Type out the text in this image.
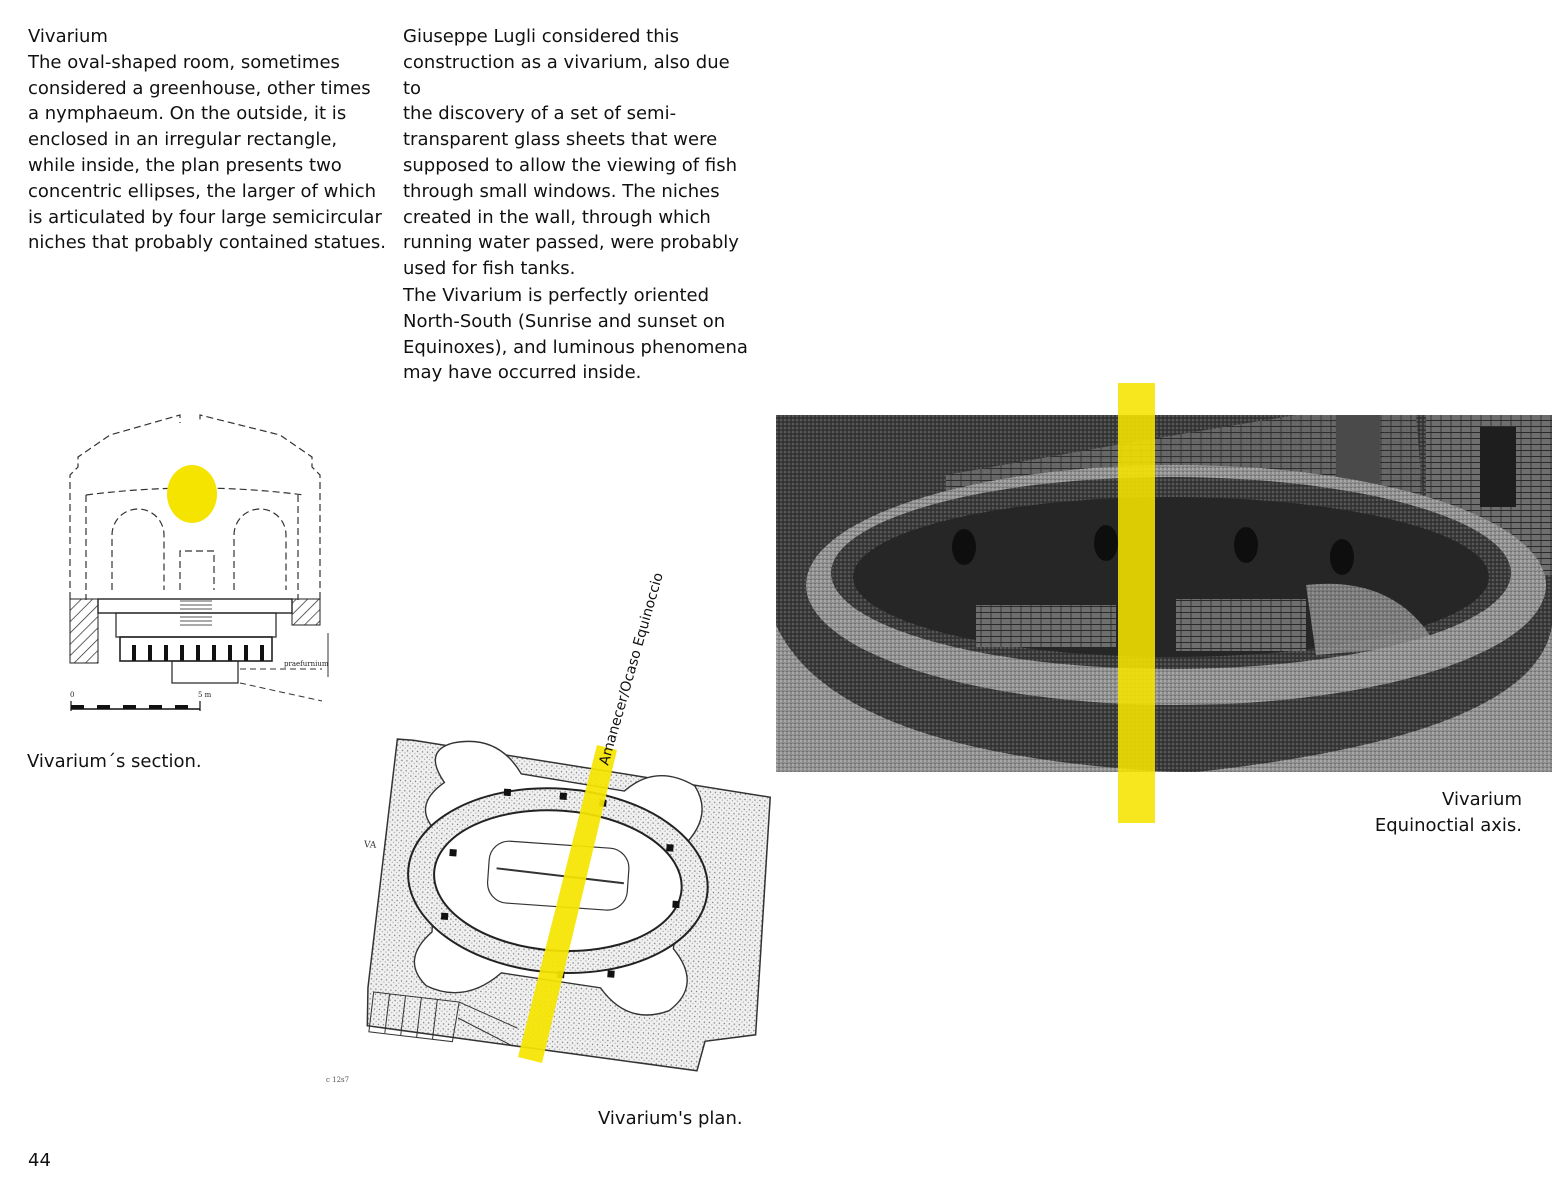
Vivarium
The oval-shaped room, sometimes
considered a greenhouse, other times
a nymphaeum. On the outside, it is
enclosed in an irregular rectangle,
while inside, the plan presents two
concentric ellipses, the larger of which
is articulated by four large semicircular
niches that probably contained statues.

Giuseppe Lugli considered this
construction as a vivarium, also due to
the discovery of a set of semi-
transparent glass sheets that were
supposed to allow the viewing of fish
through small windows. The niches
created in the wall, through which
running water passed, were probably
used for fish tanks.

The Vivarium is perfectly oriented
North-South (Sunrise and sunset on
Equinoxes), and luminous phenomena
may have occurred inside.

praefurnium
0	5 m

Vivarium´s section.

VA
c 12s7
Amanecer/Ocaso Equinoccio

Vivarium's plan.

Vivarium
Equinoctial axis.
44
